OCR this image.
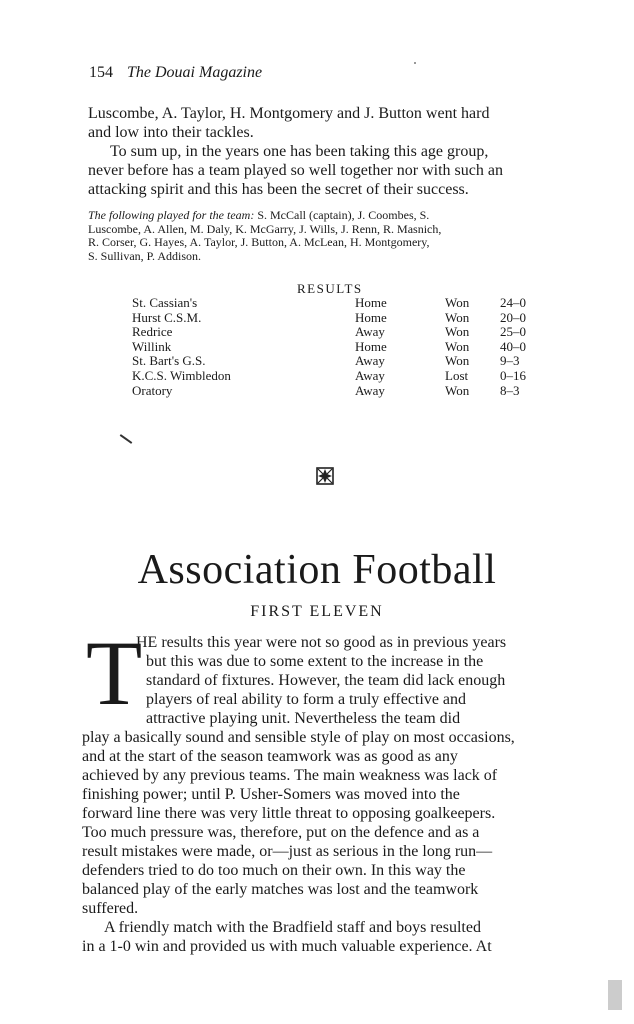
154 The Douai Magazine
Luscombe, A. Taylor, H. Montgomery and J. Button went hard
and low into their tackles.
To sum up, in the years one has been taking this age group,
never before has a team played so well together nor with such an
attacking spirit and this has been the secret of their success.
The following played for the team: S. McCall (captain), J. Coombes, S.
Luscombe, A. Allen, M. Daly, K. McGarry, J. Wills, J. Renn, R. Masnich,
R. Corser, G. Hayes, A. Taylor, J. Button, A. McLean, H. Montgomery,
S. Sullivan, P. Addison.
RESULTS
St. Cassian's	Home	Won 24–0
Hurst C.S.M.	Home	Won 20–0
Redrice	Away	Won 25–0
Willink	Home	Won 40–0
St. Bart's G.S.	Away	Won 9–3
K.C.S. Wimbledon	Away	Lost 0–16
Oratory	Away	Won 8–3
Association Football
FIRST ELEVEN
T
HE results this year were not so good as in previous years
but this was due to some extent to the increase in the
standard of fixtures. However, the team did lack enough
players of real ability to form a truly effective and
attractive playing unit. Nevertheless the team did
play a basically sound and sensible style of play on most occasions,
and at the start of the season teamwork was as good as any
achieved by any previous teams. The main weakness was lack of
finishing power; until P. Usher-Somers was moved into the
forward line there was very little threat to opposing goalkeepers.
Too much pressure was, therefore, put on the defence and as a
result mistakes were made, or—just as serious in the long run—
defenders tried to do too much on their own. In this way the
balanced play of the early matches was lost and the teamwork
suffered.
A friendly match with the Bradfield staff and boys resulted
in a 1-0 win and provided us with much valuable experience. At
